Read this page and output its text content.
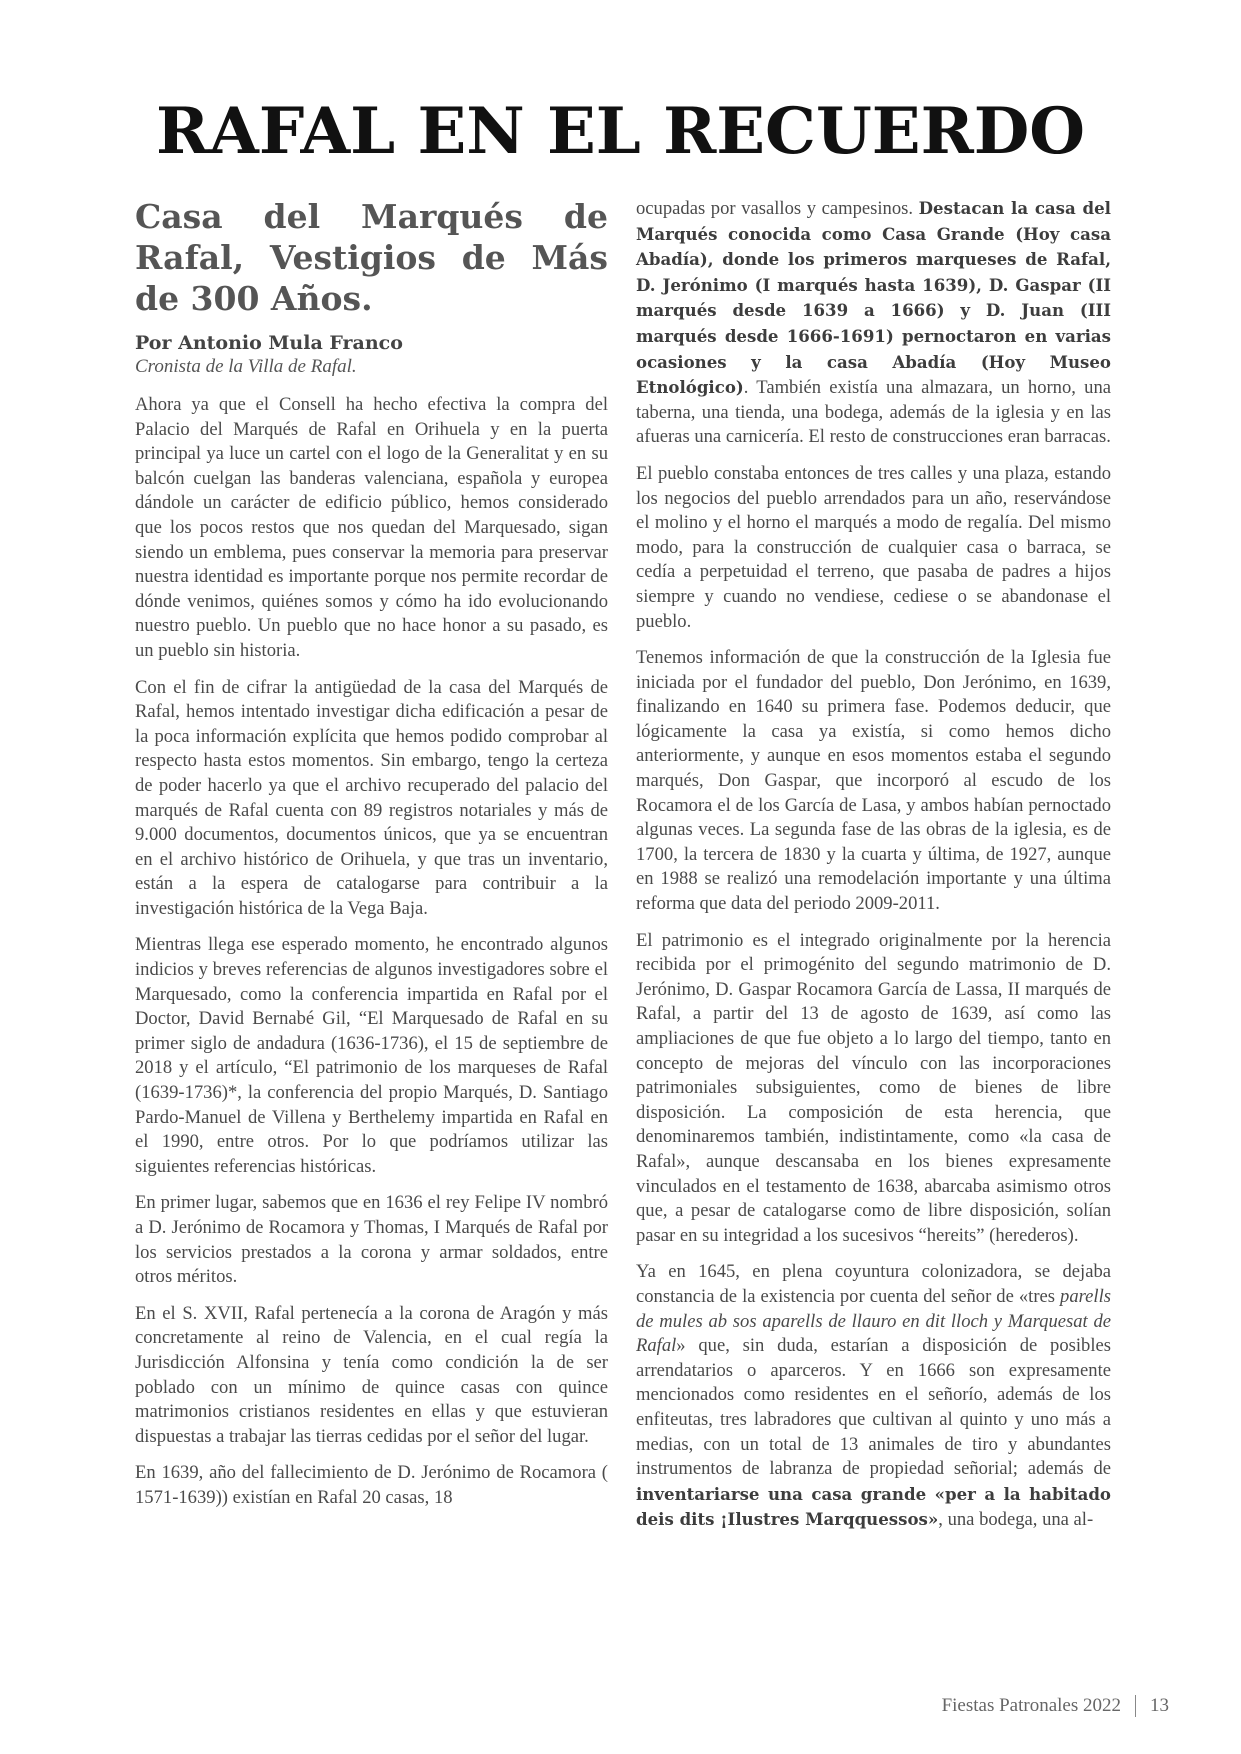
RAFAL EN EL RECUERDO
Casa del Marqués de Rafal, Vestigios de Más de 300 Años.

Por Antonio Mula Franco

Cronista de la Villa de Rafal.

Ahora ya que el Consell ha hecho efectiva la compra del Palacio del Marqués de Rafal en Orihuela y en la puerta principal ya luce un cartel con el logo de la Generalitat y en su balcón cuelgan las banderas valenciana, española y europea dándole un carácter de edificio público, hemos considerado que los pocos restos que nos quedan del Marquesado, sigan siendo un emblema, pues conservar la memoria para preservar nuestra identidad es importante porque nos permite recordar de dónde venimos, quiénes somos y cómo ha ido evolucionando nuestro pueblo. Un pueblo que no hace honor a su pasado, es un pueblo sin historia.

Con el fin de cifrar la antigüedad de la casa del Marqués de Rafal, hemos intentado investigar dicha edificación a pesar de la poca información explícita que hemos podido comprobar al respecto hasta estos momentos. Sin embargo, tengo la certeza de poder hacerlo ya que el archivo recuperado del palacio del marqués de Rafal cuenta con 89 registros notariales y más de 9.000 documentos, documentos únicos, que ya se encuentran en el archivo histórico de Orihuela, y que tras un inventario, están a la espera de catalogarse para contribuir a la investigación histórica de la Vega Baja.

Mientras llega ese esperado momento, he encontrado algunos indicios y breves referencias de algunos investigadores sobre el Marquesado, como la conferencia impartida en Rafal por el Doctor, David Bernabé Gil, “El Marquesado de Rafal en su primer siglo de andadura (1636-1736), el 15 de septiembre de 2018 y el artículo, “El patrimonio de los marqueses de Rafal (1639-1736)*, la conferencia del propio Marqués, D. Santiago Pardo-Manuel de Villena y Berthelemy impartida en Rafal en el 1990, entre otros. Por lo que podríamos utilizar las siguientes referencias históricas.

En primer lugar, sabemos que en 1636 el rey Felipe IV nombró a D. Jerónimo de Rocamora y Thomas, I Marqués de Rafal por los servicios prestados a la corona y armar soldados, entre otros méritos.

En el S. XVII, Rafal pertenecía a la corona de Aragón y más concretamente al reino de Valencia, en el cual regía la Jurisdicción Alfonsina y tenía como condición la de ser poblado con un mínimo de quince casas con quince matrimonios cristianos residentes en ellas y que estuvieran dispuestas a trabajar las tierras cedidas por el señor del lugar.

En 1639, año del fallecimiento de D. Jerónimo de Rocamora ( 1571-1639)) existían en Rafal 20 casas, 18

ocupadas por vasallos y campesinos. Destacan la casa del Marqués conocida como Casa Grande (Hoy casa Abadía), donde los primeros marqueses de Rafal, D. Jerónimo (I marqués hasta 1639), D. Gaspar (II marqués desde 1639 a 1666) y D. Juan (III marqués desde 1666-1691) pernoctaron en varias ocasiones y la casa Abadía (Hoy Museo Etnológico). También existía una almazara, un horno, una taberna, una tienda, una bodega, además de la iglesia y en las afueras una carnicería. El resto de construcciones eran barracas.

El pueblo constaba entonces de tres calles y una plaza, estando los negocios del pueblo arrendados para un año, reservándose el molino y el horno el marqués a modo de regalía. Del mismo modo, para la construcción de cualquier casa o barraca, se cedía a perpetuidad el terreno, que pasaba de padres a hijos siempre y cuando no vendiese, cediese o se abandonase el pueblo.

Tenemos información de que la construcción de la Iglesia fue iniciada por el fundador del pueblo, Don Jerónimo, en 1639, finalizando en 1640 su primera fase. Podemos deducir, que lógicamente la casa ya existía, si como hemos dicho anteriormente, y aunque en esos momentos estaba el segundo marqués, Don Gaspar, que incorporó al escudo de los Rocamora el de los García de Lasa, y ambos habían pernoctado algunas veces. La segunda fase de las obras de la iglesia, es de 1700, la tercera de 1830 y la cuarta y última, de 1927, aunque en 1988 se realizó una remodelación importante y una última reforma que data del periodo 2009-2011.

El patrimonio es el integrado originalmente por la herencia recibida por el primogénito del segundo matrimonio de D. Jerónimo, D. Gaspar Rocamora García de Lassa, II marqués de Rafal, a partir del 13 de agosto de 1639, así como las ampliaciones de que fue objeto a lo largo del tiempo, tanto en concepto de mejoras del vínculo con las incorporaciones patrimoniales subsiguientes, como de bienes de libre disposición. La composición de esta herencia, que denominaremos también, indistintamente, como «la casa de Rafal», aunque descansaba en los bienes expresamente vinculados en el testamento de 1638, abarcaba asimismo otros que, a pesar de catalogarse como de libre disposición, solían pasar en su integridad a los sucesivos “hereits” (herederos).

Ya en 1645, en plena coyuntura colonizadora, se dejaba constancia de la existencia por cuenta del señor de «tres parells de mules ab sos aparells de llauro en dit lloch y Marquesat de Rafal» que, sin duda, estarían a disposición de posibles arrendatarios o aparceros. Y en 1666 son expresamente mencionados como residentes en el señorío, además de los enfiteutas, tres labradores que cultivan al quinto y uno más a medias, con un total de 13 animales de tiro y abundantes instrumentos de labranza de propiedad señorial; además de inventariarse una casa grande «per a la habitado deis dits ¡Ilustres Marqquessos», una bodega, una al-

Fiestas Patronales 2022 13
